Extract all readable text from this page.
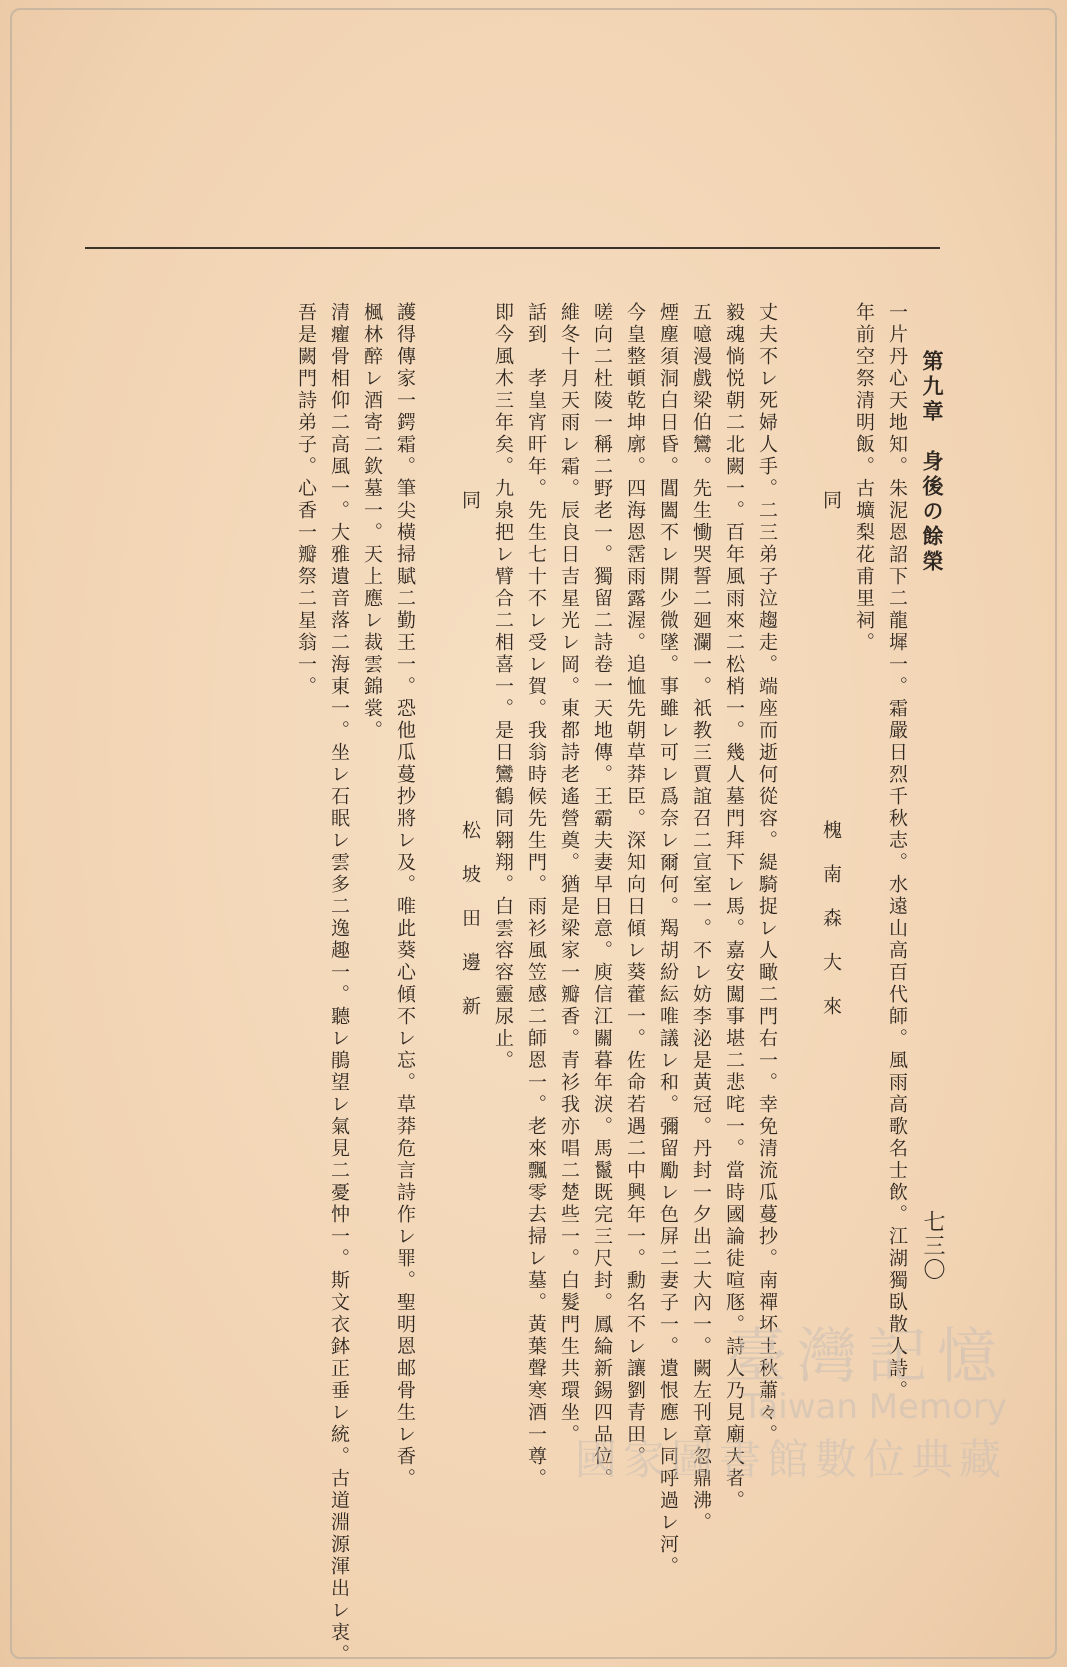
第九章　身後の餘榮
七三〇
一片丹心天地知。朱泥恩詔下二龍墀一。霜嚴日烈千秋志。水遠山高百代師。風雨高歌名士飲。江湖獨臥散人詩。
年前空祭清明飯。古壙梨花甫里祠。
同　　　　　　　　　　　　　　槐　南　森　大　來
丈夫不レ死婦人手。二三弟子泣趨走。端座而逝何從容。緹騎捉レ人瞰二門右一。幸免清流瓜蔓抄。南禪坏土秋蕭々。
毅魂惝悦朝二北闕一。百年風雨來二松梢一。幾人墓門拜下レ馬。嘉安闖事堪二悲咤一。當時國論徒喧豗。詩人乃見廟大者。
五噫漫戲梁伯鸞。先生慟哭誓二廻瀾一。祇教三賈誼召二宣室一。不レ妨李泌是黃冠。丹封一夕出二大內一。闕左刊章忽鼎沸。
煙塵須洞白日昏。閶闔不レ開少微墜。事雖レ可レ爲奈レ爾何。羯胡紛紜唯議レ和。彌留勵レ色屏二妻子一。遺恨應レ同呼過レ河。
今皇整頓乾坤廓。四海恩霑雨露渥。追恤先朝草莽臣。深知向日傾レ葵藿一。佐命若遇二中興年一。勳名不レ讓劉青田。
嗟向二杜陵一稱二野老一。獨留二詩卷一天地傳。王霸夫妻早日意。庾信江關暮年淚。馬鬣既完三尺封。鳳綸新錫四品位。
維冬十月天雨レ霜。辰良日吉星光レ岡。東都詩老遙營奠。猶是梁家一瓣香。青衫我亦唱二楚些一。白髮門生共環坐。
話到　孝皇宵旰年。先生七十不レ受レ賀。我翁時候先生門。雨衫風笠感二師恩一。老來飄零去掃レ墓。黃葉聲寒酒一尊。
即今風木三年矣。九泉把レ臂合二相喜一。是日鸞鶴同翱翔。白雲容容靈尿止。
同　　　　　　　　　　　　　　松　坡　田　邊　新
護得傳家一鍔霜。筆尖橫掃賦二勤王一。恐他瓜蔓抄將レ及。唯此葵心傾不レ忘。草莽危言詩作レ罪。聖明恩邮骨生レ香。
楓林醉レ酒寄二欽墓一。天上應レ裁雲錦裳。
清癯骨相仰二高風一。大雅遺音落二海東一。坐レ石眠レ雲多二逸趣一。聽レ鵑望レ氣見二憂忡一。斯文衣鉢正垂レ統。古道淵源渾出レ衷。
吾是闕門詩弟子。心香一瓣祭二星翁一。
臺灣記憶
Taiwan Memory
國家圖書館數位典藏
